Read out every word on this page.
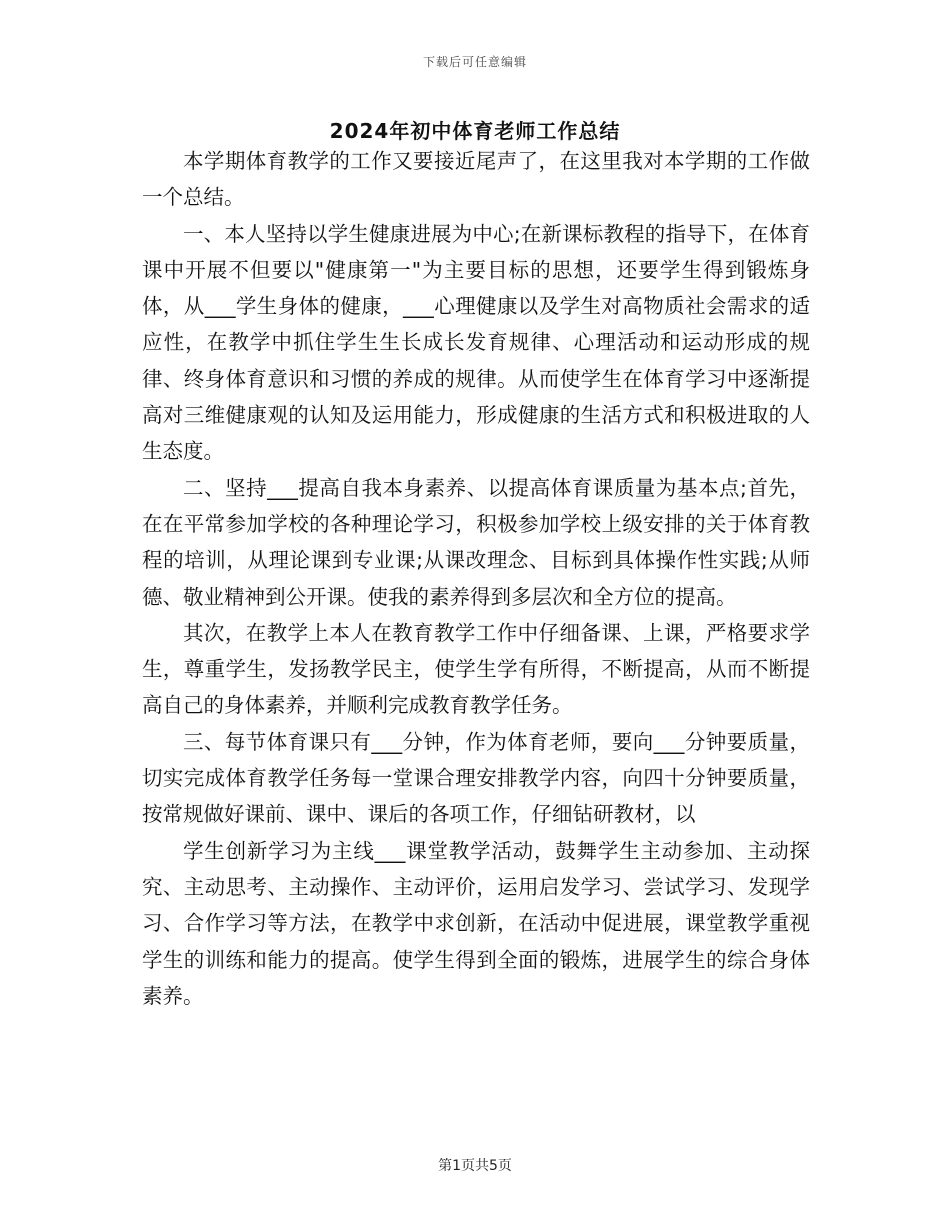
下载后可任意编辑
2024年初中体育老师工作总结

本学期体育教学的工作又要接近尾声了，在这里我对本学期的工作做一个总结。

一、本人坚持以学生健康进展为中心;在新课标教程的指导下，在体育课中开展不但要以"健康第一"为主要目标的思想，还要学生得到锻炼身体，从___学生身体的健康，___心理健康以及学生对高物质社会需求的适应性，在教学中抓住学生生长成长发育规律、心理活动和运动形成的规律、终身体育意识和习惯的养成的规律。从而使学生在体育学习中逐渐提高对三维健康观的认知及运用能力，形成健康的生活方式和积极进取的人生态度。

二、坚持___提高自我本身素养、以提高体育课质量为基本点;首先，在在平常参加学校的各种理论学习，积极参加学校上级安排的关于体育教程的培训，从理论课到专业课;从课改理念、目标到具体操作性实践;从师德、敬业精神到公开课。使我的素养得到多层次和全方位的提高。

其次，在教学上本人在教育教学工作中仔细备课、上课，严格要求学生，尊重学生，发扬教学民主，使学生学有所得，不断提高，从而不断提高自己的身体素养，并顺利完成教育教学任务。

三、每节体育课只有___分钟，作为体育老师，要向___分钟要质量，切实完成体育教学任务每一堂课合理安排教学内容，向四十分钟要质量，按常规做好课前、课中、课后的各项工作，仔细钻研教材，以

学生创新学习为主线___课堂教学活动，鼓舞学生主动参加、主动探究、主动思考、主动操作、主动评价，运用启发学习、尝试学习、发现学习、合作学习等方法，在教学中求创新，在活动中促进展，课堂教学重视学生的训练和能力的提高。使学生得到全面的锻炼，进展学生的综合身体素养。

第1页共5页
